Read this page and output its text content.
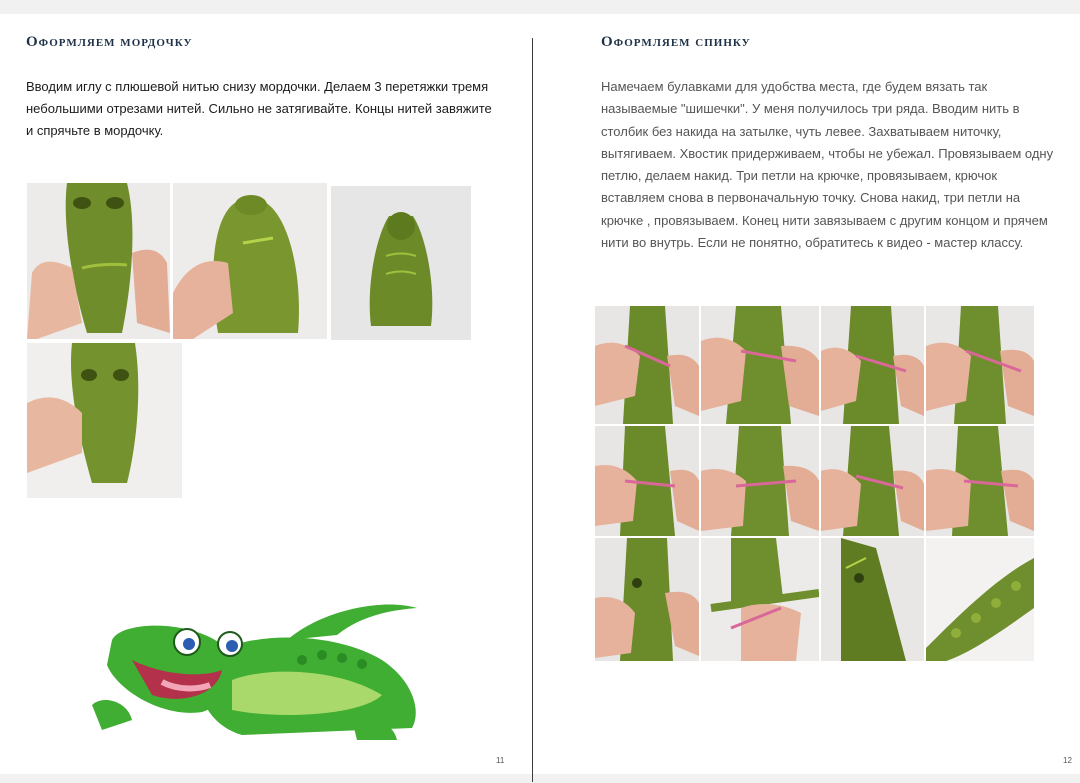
Оформляем мордочку
Вводим иглу с плюшевой нитью снизу мордочки. Делаем 3 перетяжки тремя небольшими отрезами нитей. Сильно не затягивайте. Концы нитей завяжите и спрячьте в мордочку.
11
Оформляем спинку
Намечаем булавками для удобства места, где будем вязать так называемые "шишечки". У меня получилось три ряда. Вводим нить в столбик без накида на затылке, чуть левее. Захватываем ниточку, вытягиваем. Хвостик придерживаем, чтобы не убежал. Провязываем одну петлю, делаем накид. Три петли на крючке, провязываем, крючок вставляем снова в первоначальную точку. Снова накид, три петли на крючке , провязываем. Конец нити завязываем с другим концом и прячем нити во внутрь. Если не понятно, обратитесь к видео - мастер классу.
12
